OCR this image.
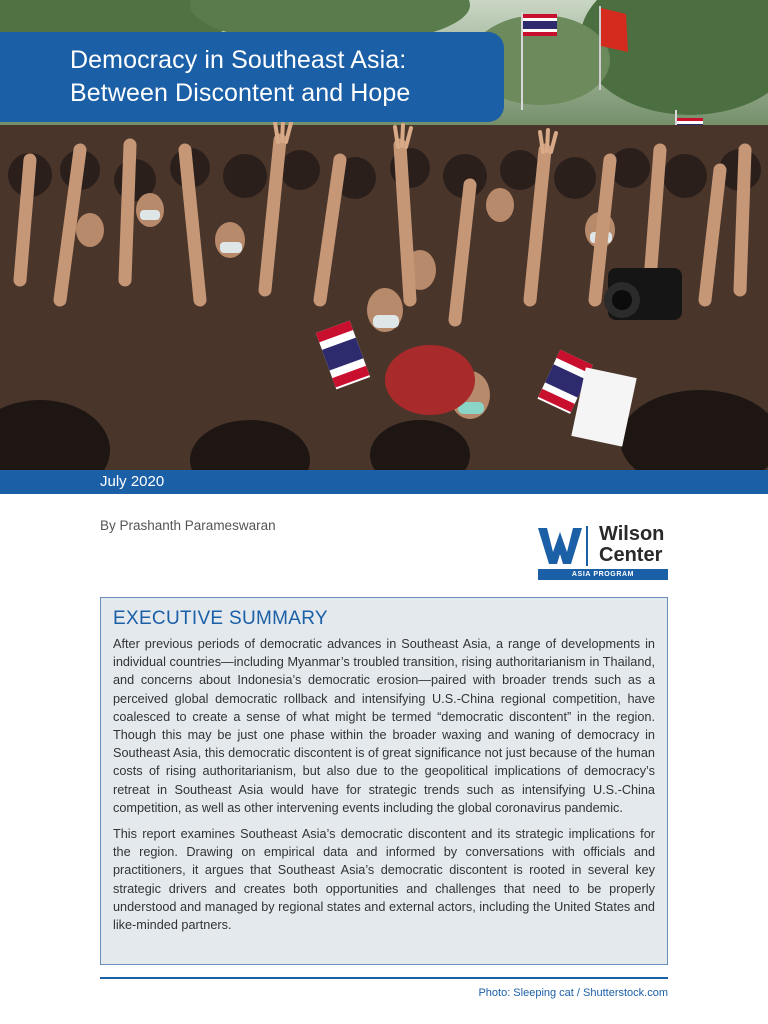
Democracy in Southeast Asia:
Between Discontent and Hope
July 2020
By Prashanth Parameswaran	Wilson
Center
ASIA PROGRAM
EXECUTIVE SUMMARY

After previous periods of democratic advances in Southeast Asia, a range of developments in individual countries—including Myanmar’s troubled transition, rising authoritarianism in Thailand, and concerns about Indonesia’s democratic erosion—paired with broader trends such as a perceived global democratic rollback and intensifying U.S.-China regional competition, have coalesced to create a sense of what might be termed “democratic discontent” in the region. Though this may be just one phase within the broader waxing and waning of democracy in Southeast Asia, this democratic discontent is of great significance not just because of the human costs of rising authoritarianism, but also due to the geopolitical implications of democracy’s retreat in Southeast Asia would have for strategic trends such as intensifying U.S.-China competition, as well as other intervening events including the global coronavirus pandemic.

This report examines Southeast Asia’s democratic discontent and its strategic implications for the region. Drawing on empirical data and informed by conversations with officials and practitioners, it argues that Southeast Asia’s democratic discontent is rooted in several key strategic drivers and creates both opportunities and challenges that need to be properly understood and managed by regional states and external actors, including the United States and like-minded partners.

Photo: Sleeping cat / Shutterstock.com
